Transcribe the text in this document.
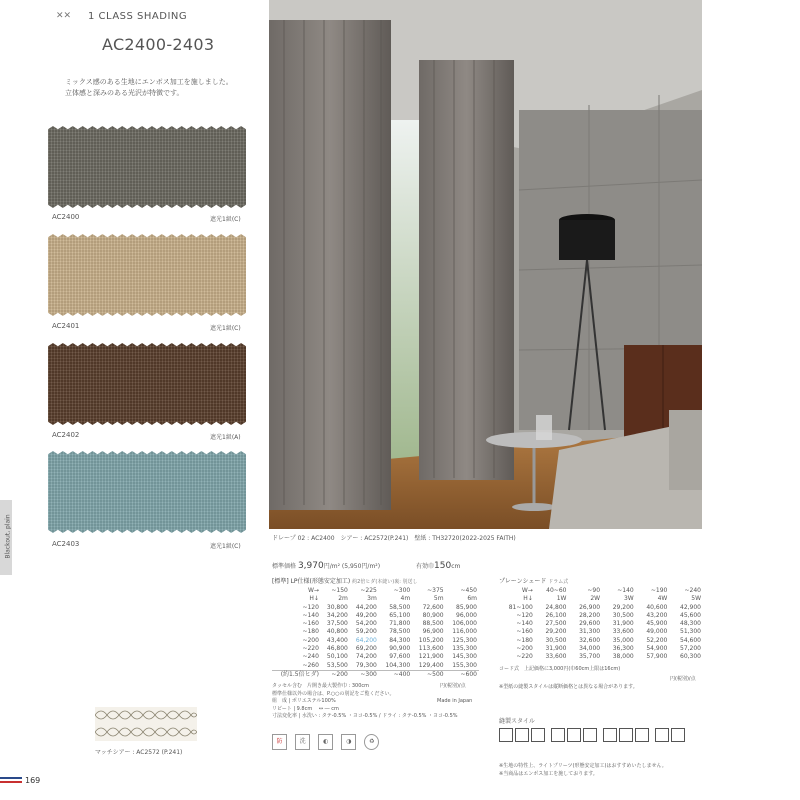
✕✕ 1 CLASS SHADING
AC2400-2403
ミックス感のある生地にエンボス加工を施しました。
立体感と深みのある光沢が特徴です。
AC2400	遮光1級(C)
AC2401	遮光1級(C)
AC2402	遮光1級(A)
AC2403	遮光1級(C)
Blackout, plain
マッチシアー : AC2572 (P.241)
169
ドレープ 02 : AC2400　シアー : AC2572(P.241)　壁紙 : TH32720(2022-2025 FAITH)
標準価格 3,970円/m² (5,950円/m²)	有効巾150cm
[標準] LP仕様(形態安定加工) 約2倍ヒダ(本縫い)裏: 別送し
W→	~150	~225	~300	~375	~450
H↓	2m	3m	4m	5m	6m
~120	30,800	44,200	58,500	72,600	85,900
~140	34,200	49,200	65,100	80,900	96,000
~160	37,500	54,200	71,800	88,500	106,000
~180	40,800	59,200	78,500	96,900	116,000
~200	43,400	64,200	84,300	105,200	125,300
~220	46,800	69,200	90,900	113,600	135,300
~240	50,100	74,200	97,600	121,900	145,300
~260	53,500	79,300	104,300	129,400	155,300
(約1.5倍ヒダ)	~200	~300	~400	~500	~600
円(税別)/点
タッセル含む　片開き最大製作巾 : 300cm
標準仕様以外の場合は、P.○○の別記をご覧ください。
組　成 | ポリエステル100%
リピート | 9.8cm 　↔ ― cm
寸法変化率 | 水洗い : タテ-0.5% ・ヨコ-0.5% / ドライ : タテ-0.5% ・ヨコ-0.5%
Made in Japan
防	洗	◐	◑	♻
プレーンシェード ドラム式
W→	40~60	~90	~140	~190	~240
H↓	1W	2W	3W	4W	5W
81~100	24,800	26,900	29,200	40,600	42,900
~120	26,100	28,200	30,500	43,200	45,600
~140	27,500	29,600	31,900	45,900	48,300
~160	29,200	31,300	33,600	49,000	51,300
~180	30,500	32,600	35,000	52,200	54,600
~200	31,900	34,000	36,300	54,900	57,200
~220	33,600	35,700	38,000	57,900	60,300
コード式　上記価格に3,000円(巾60cm上限は16cm)
円(税別)/点
※型紙の縫製スタイルは縦断価格とは異なる場合があります。
縫製スタイル
※生地の特性上、ライトプリーツ(形態安定加工)はおすすめいたしません。
※当商品はエンボス加工を施しております。
